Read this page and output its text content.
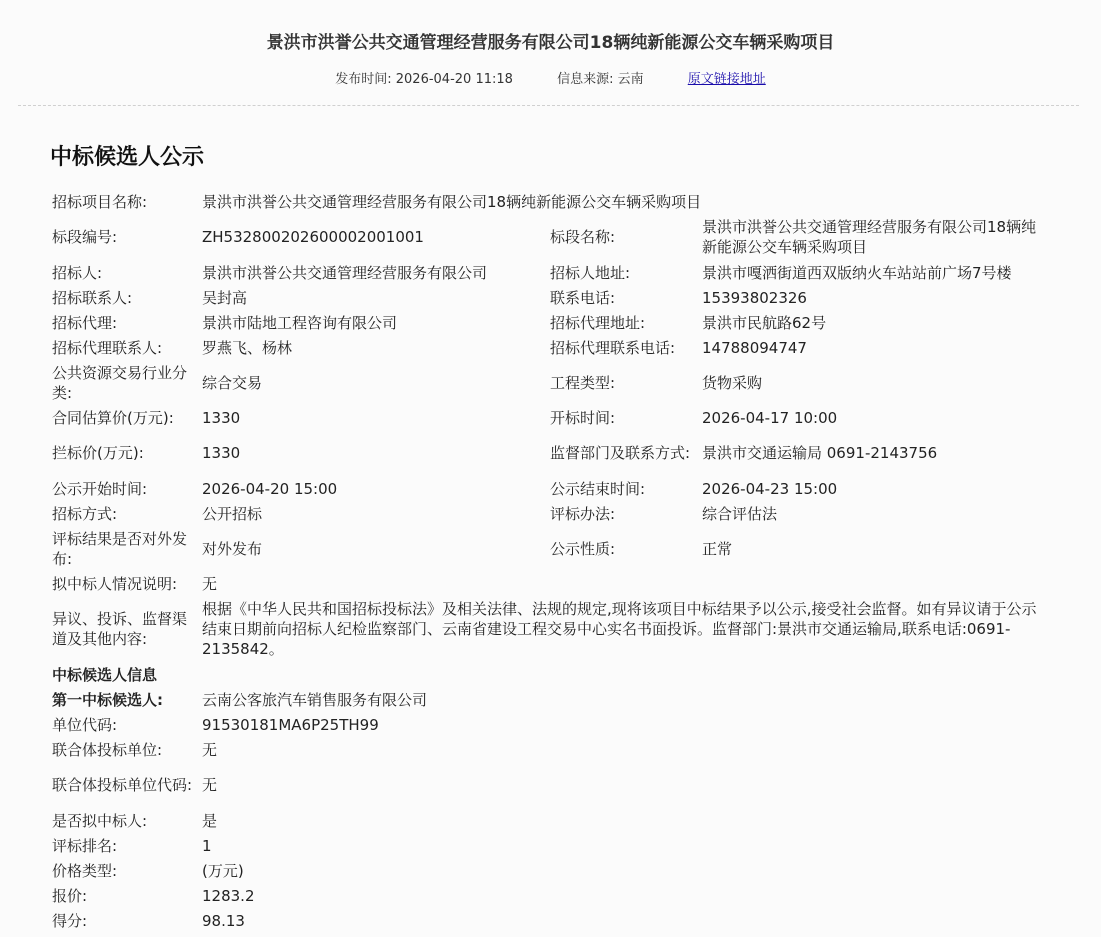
景洪市洪誉公共交通管理经营服务有限公司18辆纯新能源公交车辆采购项目
发布时间: 2026-04-20 11:18	信息来源: 云南	原文链接地址
中标候选人公示
招标项目名称:	景洪市洪誉公共交通管理经营服务有限公司18辆纯新能源公交车辆采购项目
标段编号:	ZH5328002026000020010​01	标段名称:
景洪市洪誉公共交通管理经营服务有限公司18辆纯新能源公交车辆采购项目
招标人:	景洪市洪誉公共交通管理经营服务有限公司	招标人地址:	景洪市嘎洒街道西双版纳火车站站前广场7号楼
招标联系人:	吴封高	联系电话:	15393802326
招标代理:	景洪市陆地工程咨询有限公司	招标代理地址:	景洪市民航路62号
招标代理联系人:	罗燕飞、杨林	招标代理联系电话:	14788094747
公共资源交易行业分类:
综合交易	工程类型:	货物采购
合同估算价(万元):	1330	开标时间:	2026-04-17 10:00
拦标价(万元):	1330	监督部门及联系方式: 景洪市交通运输局 0691-2143756
公示开始时间:	2026-04-20 15:00	公示结束时间:	2026-04-23 15:00
招标方式:	公开招标	评标办法:	综合评估法
评标结果是否对外发布:
对外发布	公示性质:	正常
拟中标人情况说明:	无
异议、投诉、监督渠道及其他内容:
根据《中华人民共和国招标投标法》及相关法律、法规的规定,现将该项目中标结果予以公示,接受社会监督。如有异议请于公示结束日期前向招标人纪检监察部门、云南省建设工程交易中心实名书面投诉。监督部门:景洪市交通运输局,联系电话:0691-2135842。
中标候选人信息
第一中标候选人:	云南公客旅汽车销售服务有限公司
单位代码:	91530181MA6P25TH99
联合体投标单位:	无
联合体投标单位代码: 无
是否拟中标人:	是
评标排名:	1
价格类型:	(万元)
报价:	1283.2
得分:	98.13
